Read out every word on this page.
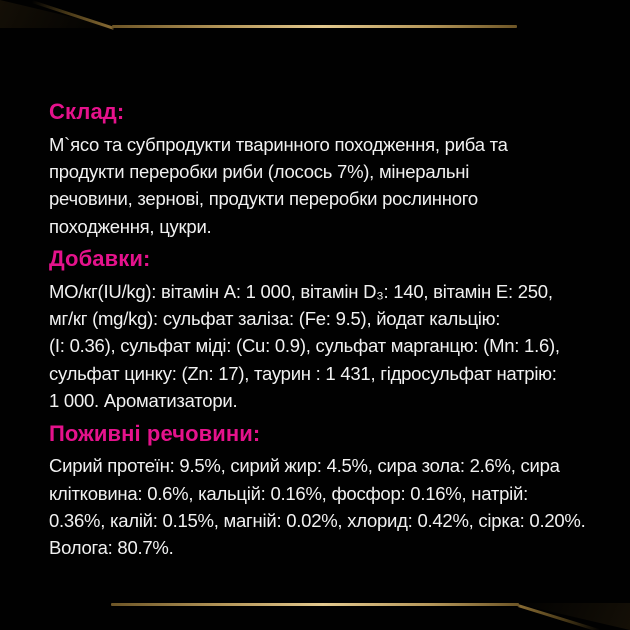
Склад:
М`ясо та субпродукти тваринного походження, риба та
продукти переробки риби (лосось 7%), мінеральні
речовини, зернові, продукти переробки рослинного
походження, цукри.
Добавки:
МО/кг(IU/kg): вітамін A: 1 000, вітамін D₃: 140, вітамін E: 250,
мг/кг (mg/kg): сульфат заліза: (Fe: 9.5), йодат кальцію:
(I: 0.36), сульфат міді: (Cu: 0.9), сульфат марганцю: (Mn: 1.6),
сульфат цинку: (Zn: 17), таурин : 1 431, гідросульфат натрію:
1 000. Ароматизатори.
Поживні речовини:
Сирий протеїн: 9.5%, сирий жир: 4.5%, сира зола: 2.6%, сира
клітковина: 0.6%, кальцій: 0.16%, фосфор: 0.16%, натрій:
0.36%, калій: 0.15%, магній: 0.02%, хлорид: 0.42%, сірка: 0.20%.
Волога: 80.7%.
